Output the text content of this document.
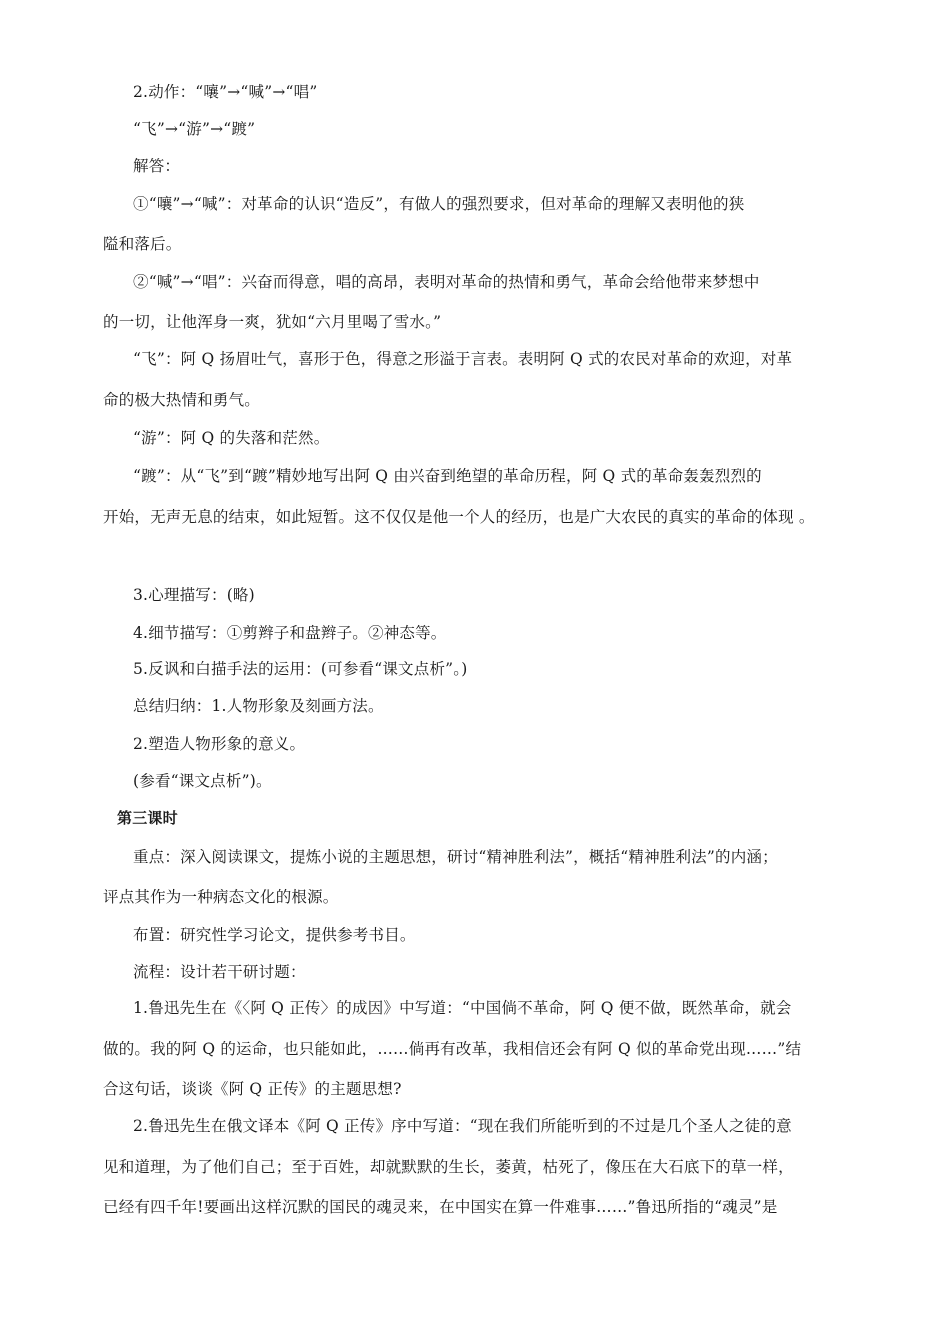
2.动作：“嚷”→“喊”→“唱”
“飞”→“游”→“踱”
解答：
①“嚷”→“喊”：对革命的认识“造反”，有做人的强烈要求，但对革命的理解又表明他的狭
隘和落后。
②“喊”→“唱”：兴奋而得意，唱的高昂，表明对革命的热情和勇气，革命会给他带来梦想中
的一切，让他浑身一爽，犹如“六月里喝了雪水。”
“飞”：阿 Q 扬眉吐气，喜形于色，得意之形溢于言表。表明阿 Q 式的农民对革命的欢迎，对革
命的极大热情和勇气。
“游”：阿 Q 的失落和茫然。
“踱”：从“飞”到“踱”精妙地写出阿 Q 由兴奋到绝望的革命历程，阿 Q 式的革命轰轰烈烈的
开始，无声无息的结束，如此短暂。这不仅仅是他一个人的经历，也是广大农民的真实的革命的体现 。
3.心理描写：(略)
4.细节描写：①剪辫子和盘辫子。②神态等。
5.反讽和白描手法的运用：(可参看“课文点析”。)
总结归纳：1.人物形象及刻画方法。
2.塑造人物形象的意义。
(参看“课文点析”)。
第三课时
重点：深入阅读课文，提炼小说的主题思想，研讨“精神胜利法”，概括“精神胜利法”的内涵；
评点其作为一种病态文化的根源。
布置：研究性学习论文，提供参考书目。
流程：设计若干研讨题：
1.鲁迅先生在《〈阿 Q 正传〉的成因》中写道：“中国倘不革命，阿 Q 便不做，既然革命，就会
做的。我的阿 Q 的运命，也只能如此，……倘再有改革，我相信还会有阿 Q 似的革命党出现……”结
合这句话，谈谈《阿 Q 正传》的主题思想?
2.鲁迅先生在俄文译本《阿 Q 正传》序中写道：“现在我们所能听到的不过是几个圣人之徒的意
见和道理，为了他们自己；至于百姓，却就默默的生长，萎黄，枯死了，像压在大石底下的草一样，
已经有四千年!要画出这样沉默的国民的魂灵来，在中国实在算一件难事……”鲁迅所指的“魂灵”是
